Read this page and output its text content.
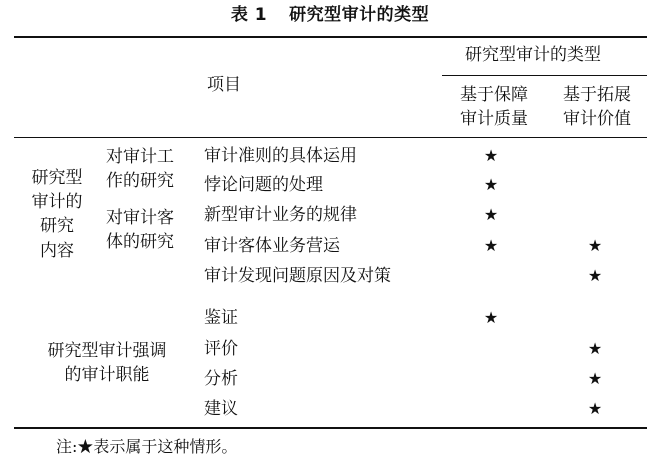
表 1 研究型审计的类型
项目
研究型审计的类型
基于保障
审计质量
基于拓展
审计价值
研究型
审计的
研究
内容
对审计工
作的研究
对审计客
体的研究
审计准则的具体运用
悖论问题的处理
新型审计业务的规律
审计客体业务营运
审计发现问题原因及对策
★
★
★
★	★
★
研究型审计强调
的审计职能
鉴证
评价
分析
建议
★
★
★
★
注:★表示属于这种情形。
